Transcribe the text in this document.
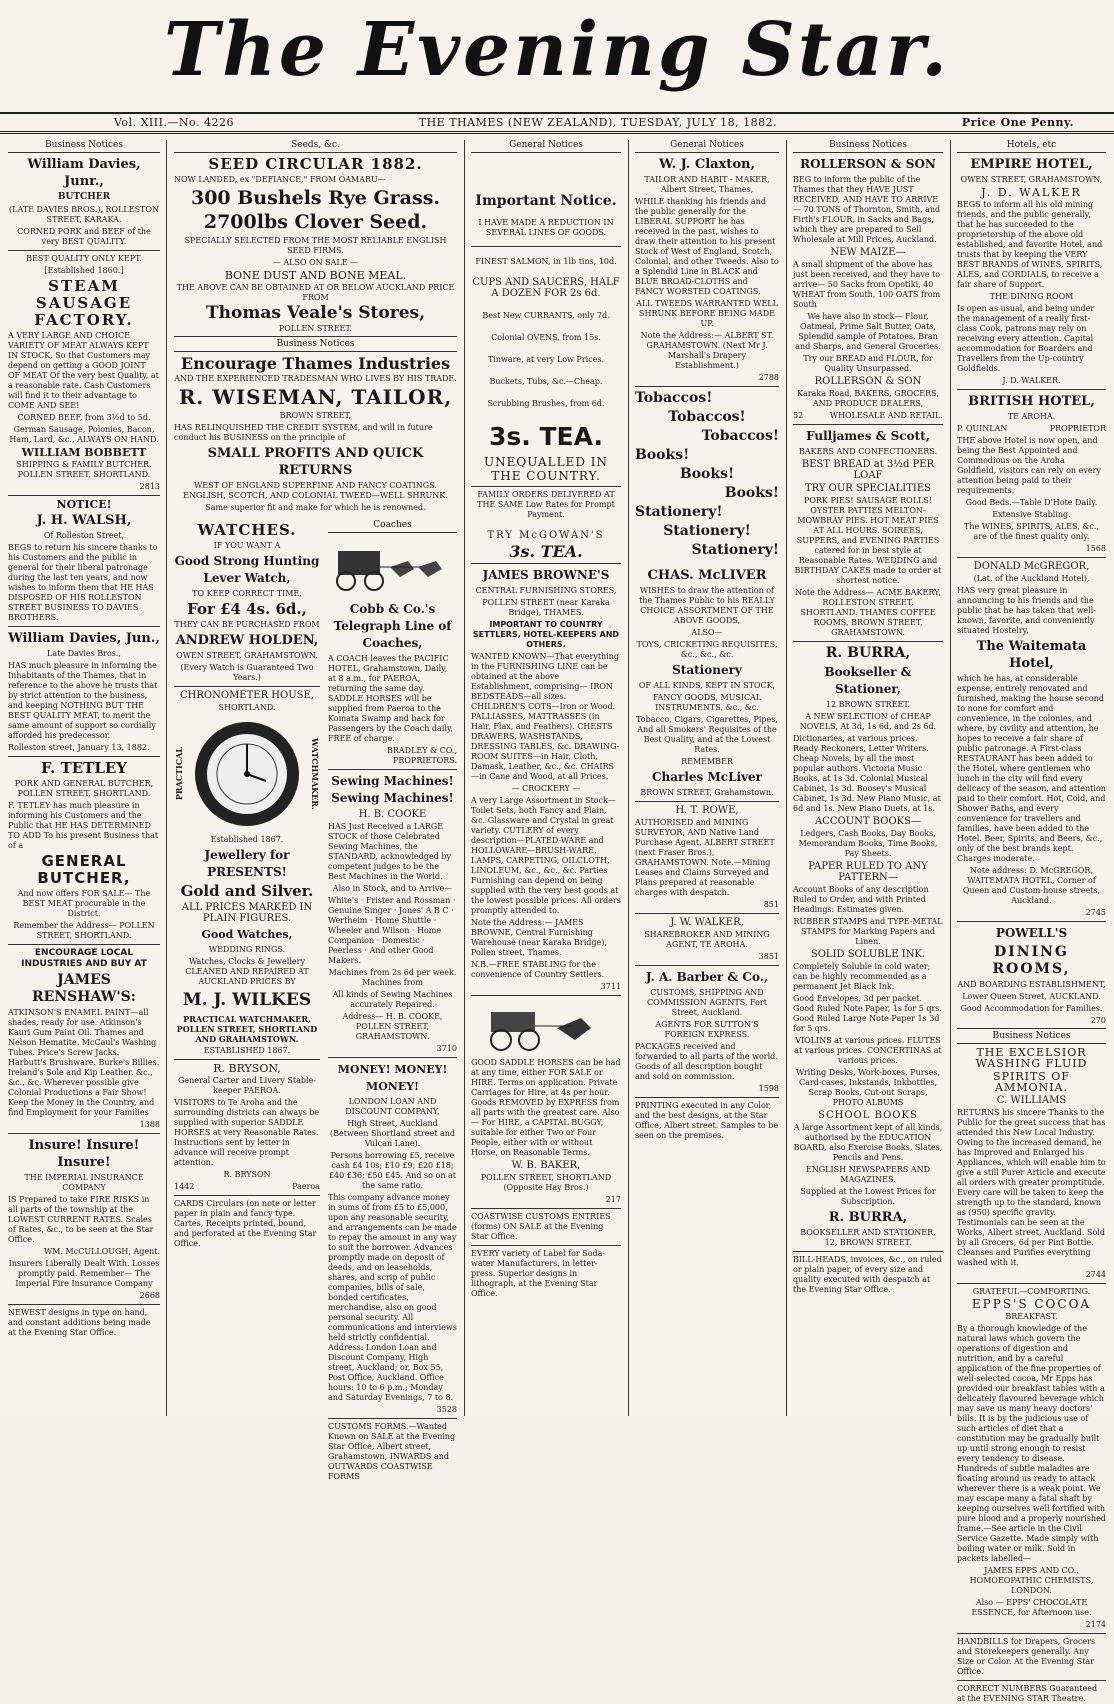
The Evening Star.
Vol. XIII.—No. 4226	THE THAMES (NEW ZEALAND), TUESDAY, JULY 18, 1882.	Price One Penny.
Business Notices
William Davies, Junr.,

BUTCHER

(LATE DAVIES BROS.), ROLLESTON STREET, KARAKA.

CORNED PORK and BEEF of the very BEST QUALITY.

BEST QUALITY ONLY KEPT.

[Established 1860.]

STEAM SAUSAGE FACTORY.

A VERY LARGE AND CHOICE VARIETY OF MEAT ALWAYS KEPT IN STOCK, So that Customers may depend on getting a GOOD JOINT OF MEAT Of the very best Quality, at a reasonable rate. Cash Customers will find it to their advantage to COME AND SEE!

CORNED BEEF, from 3½d to 5d.

German Sausage, Polonies, Bacon, Ham, Lard, &c., ALWAYS ON HAND.

WILLIAM BOBBETT

SHIPPING & FAMILY BUTCHER, POLLEN STREET, SHORTLAND.

2813

NOTICE!

J. H. WALSH,

Of Rolleston Street,

BEGS to return his sincere thanks to his Customers and the public in general for their liberal patronage during the last ten years, and now wishes to inform them that HE HAS DISPOSED OF HIS ROLLESTON STREET BUSINESS TO DAVIES BROTHERS.

William Davies, Jun.,

Late Davies Bros.,

HAS much pleasure in informing the Inhabitants of the Thames, that in reference to the above he trusts that by strict attention to the business, and keeping NOTHING BUT THE BEST QUALITY MEAT, to merit the same amount of support so cordially afforded his predecessor.

Rolleston street, January 13, 1882.

F. TETLEY

PORK AND GENERAL BUTCHER, POLLEN STREET, SHORTLAND.

F. TETLEY has much pleasure in informing his Customers and the Public that HE HAS DETERMINED TO ADD To his present Business that of a

GENERAL BUTCHER,

And now offers FOR SALE— The BEST MEAT procurable in the District.

Remember the Address— POLLEN STREET, SHORTLAND.

ENCOURAGE LOCAL INDUSTRIES AND BUY AT

JAMES RENSHAW'S:

ATKINSON'S ENAMEL PAINT—all shades, ready for use. Atkinson's Kauri Gum Paint Oil. Thames and Nelson Hematite. McCaul's Washing Tubes. Price's Screw Jacks. Harbutt's Brushware. Burke's Billies. Ireland's Sole and Kip Leather. &c., &c., &c. Wherever possible give Colonial Productions a Fair Show! Keep the Money in the Country, and find Employment for your Families

1388

Insure! Insure! Insure!

THE IMPERIAL INSURANCE COMPANY

IS Prepared to take FIRE RISKS in all parts of the township at the LOWEST CURRENT RATES. Scales of Rates, &c., to be seen at the Star Office.

WM. McCULLOUGH, Agent.

Insurers Liberally Dealt With. Losses promptly paid. Remember— The Imperial Fire Insurance Company

2668

NEWEST designs in type on hand, and constant additions being made at the Evening Star Office.

Seeds, &c.
SEED CIRCULAR 1882.

NOW LANDED, ex "DEFIANCE," FROM OAMARU—

300 Bushels Rye Grass.
2700lbs Clover Seed.

SPECIALLY SELECTED FROM THE MOST RELIABLE ENGLISH SEED FIRMS.

— ALSO ON SALE —

BONE DUST AND BONE MEAL.

THE ABOVE CAN BE OBTAINED AT OR BELOW AUCKLAND PRICE FROM

Thomas Veale's Stores,

POLLEN STREET.

Business Notices
Encourage Thames Industries

AND THE EXPERIENCED TRADESMAN WHO LIVES BY HIS TRADE.

R. WISEMAN, TAILOR,

BROWN STREET,

HAS RELINQUISHED THE CREDIT SYSTEM, and will in future conduct his BUSINESS on the principle of

SMALL PROFITS AND QUICK RETURNS

WEST OF ENGLAND SUPERFINE AND FANCY COATINGS. ENGLISH, SCOTCH, AND COLONIAL TWEED—WELL SHRUNK.

Same superior fit and make for which he is renowned.

WATCHES.

IF YOU WANT A

Good Strong Hunting Lever Watch,

TO KEEP CORRECT TIME,

For £4 4s. 6d.,

THEY CAN BE PURCHASED FROM

ANDREW HOLDEN,

OWEN STREET, GRAHAMSTOWN.

(Every Watch is Guaranteed Two Years.)

CHRONOMETER HOUSE,

SHORTLAND.

PRACTICAL	WATCHMAKER.

Established 1867.

Jewellery for PRESENTS!
Gold and Silver.

ALL PRICES MARKED IN PLAIN FIGURES.

Good Watches,

WEDDING RINGS.

Watches, Clocks & Jewellery CLEANED AND REPAIRED AT AUCKLAND PRICES BY

M. J. WILKES

PRACTICAL WATCHMAKER, POLLEN STREET, SHORTLAND AND GRAHAMSTOWN.

ESTABLISHED 1867.

R. BRYSON,

General Carter and Livery Stable-keeper PAEROA.

VISITORS to Te Aroha and the surrounding districts can always be supplied with superior SADDLE HORSES at very Reasonable Rates. Instructions sent by letter in advance will receive prompt attention.

R. BRYSON

1442	Paeroa

CARDS Circulars (on note or letter paper in plain and fancy type. Cartes, Receipts printed, bound, and perforated at the Evening Star Office.

Coaches
Cobb & Co.'s Telegraph Line of Coaches,

A COACH leaves the PACIFIC HOTEL, Grahamstown, Daily, at 8 a.m., for PAEROA, returning the same day. SADDLE HORSES will be supplied from Paeroa to the Komata Swamp and back for Passengers by the Coach daily, FREE of charge.

BRADLEY & CO., PROPRIETORS.

Sewing Machines! Sewing Machines!

H. B. COOKE

HAS Just Received a LARGE STOCK of those Celebrated Sewing Machines, the STANDARD, acknowledged by competent judges to be the Best Machines in the World.

Also in Stock, and to Arrive—

White's · Frister and Rossman · Genuine Singer · Jones' A B C · Wertheim · Home Shuttle · Wheeler and Wilson · Home Companion · Domestic · Peerless · And other Good Makers.

Machines from 2s 6d per week. Machines from

All kinds of Sewing Machines accurately Repaired.

Address— H. B. COOKE, POLLEN STREET, GRAHAMSTOWN.

3710

MONEY! MONEY! MONEY!

LONDON LOAN AND DISCOUNT COMPANY,

High Street, Auckland (Between Shortland street and Vulcan Lane).

Persons borrowing £5, receive cash £4 10s; £10 £9; £20 £18; £40 £36; £50 £45. And so on at the same ratio.

This company advance money in sums of from £5 to £5,000, upon any reasonable security, and arrangements can be made to repay the amount in any way to suit the borrower. Advances promptly made on deposit of deeds, and on leaseholds, shares, and scrip of public companies, bills of sale, bonded certificates, merchandise, also on good personal security. All communications and interviews held strictly confidential. Address: London Loan and Discount Company, High street, Auckland; or, Box 55, Post Office, Auckland. Office hours: 10 to 6 p.m.; Monday and Saturday Evenings, 7 to 8.

3528

CUSTOMS FORMS.—Wanted Known on SALE at the Evening Star Office, Albert street, Grahamstown, INWARDS and OUTWARDS COASTWISE FORMS

General Notices
Important Notice.

I HAVE MADE A REDUCTION IN SEVERAL LINES OF GOODS.

FINEST SALMON, in 1lb tins, 10d.

CUPS AND SAUCERS, HALF A DOZEN FOR 2s 6d.

Best New CURRANTS, only 7d.

Colonial OVENS, from 15s.

Tinware, at very Low Prices.

Buckets, Tubs, &c.—Cheap.

Scrubbing Brushes, from 6d.

3s. TEA.

UNEQUALLED IN THE COUNTRY.

FAMILY ORDERS DELIVERED AT THE SAME Low Rates for Prompt Payment.

TRY McGOWAN'S

3s. TEA.
JAMES BROWNE'S

CENTRAL FURNISHING STORES,

POLLEN STREET (near Karaka Bridge), THAMES.

IMPORTANT TO COUNTRY SETTLERS, HOTEL-KEEPERS AND OTHERS.

WANTED KNOWN—That everything in the FURNISHING LINE can be obtained at the above Establishment, comprising— IRON BEDSTEADS—all sizes. CHILDREN'S COTS—Iron or Wood. PALLIASSES, MATTRASSES (in Hair, Flax, and Feathers). CHESTS DRAWERS, WASHSTANDS, DRESSING TABLES, &c. DRAWING-ROOM SUITES—in Hair, Cloth, Damask, Leather, &c., &c. CHAIRS—in Cane and Wood, at all Prices.

— CROCKERY —

A very Large Assortment in Stock—Toilet Sets, both Fancy and Plain, &c. Glassware and Crystal in great variety. CUTLERY of every description—PLATED-WARE and HOLLOWARE—BRUSH-WARE, LAMPS, CARPETING, OILCLOTH, LINOLEUM, &c., &c., &c. Parties Furnishing can depend on being supplied with the very best goods at the lowest possible prices. All orders promptly attended to.

Note the Address:— JAMES BROWNE, Central Furnishing Warehouse (near Karaka Bridge), Pollen street, Thames.

N.B.—FREE STABLING for the convenience of Country Settlers.

3711

GOOD SADDLE HORSES can be had at any time, either FOR SALE or HIRE. Terms on application. Private Carriages for Hire, at 4s per hour. Goods REMOVED by EXPRESS from all parts with the greatest care. Also— For HIRE, a CAPITAL BUGGY, suitable for either Two or Four People, either with or without Horse, on Reasonable Terms.

W. B. BAKER,

POLLEN STREET, SHORTLAND (Opposite Hay Bros.)

217

COASTWISE CUSTOMS ENTRIES (forms) ON SALE at the Evening Star Office.

EVERY variety of Label for Soda-water Manufacturers, in letter-press. Superior designs in lithograph, at the Evening Star Office.

General Notices
W. J. Claxton,

TAILOR AND HABIT - MAKER, Albert Street, Thames,

WHILE thanking his friends and the public generally for the LIBERAL SUPPORT he has received in the past, wishes to draw their attention to his present Stock of West of England, Scotch, Colonial, and other Tweeds. Also to a Splendid Line in BLACK and BLUE BROAD-CLOTHS and FANCY WORSTED COATINGS.

ALL TWEEDS WARRANTED WELL SHRUNK BEFORE BEING MADE UP.

Note the Address:— ALBERT ST. GRAHAMSTOWN. (Next Mr J. Marshall's Drapery Establishment.)

2788

Tobaccos!
Tobaccos!
Tobaccos!
Books!
Books!
Books!
Stationery!
Stationery!
Stationery!
CHAS. McLIVER

WISHES to draw the attention of the Thames Public to his REALLY CHOICE ASSORTMENT OF THE ABOVE GOODS,

ALSO—

TOYS, CRICKETING REQUISITES, &c., &c., &c.

Stationery

OF ALL KINDS, KEPT IN STOCK,

FANCY GOODS, MUSICAL INSTRUMENTS, &c., &c.

Tobacco, Cigars, Cigarettes, Pipes, And all Smokers' Requisites of the Best Quality, and at the Lowest Rates.

REMEMBER

Charles McLiver

BROWN STREET, Grahamstown.

H. T. ROWE,

AUTHORISED and MINING SURVEYOR, AND Native Land Purchase Agent, ALBERT STREET (next Fraser Bros.), GRAHAMSTOWN. Note.—Mining Leases and Claims Surveyed and Plans prepared at reasonable charges with despatch.

851

J. W. WALKER,

SHAREBROKER AND MINING AGENT, TE AROHA.

3851

J. A. Barber & Co.,

CUSTOMS, SHIPPING AND COMMISSION AGENTS, Fort Street, Auckland.

AGENTS FOR SUTTON'S FOREIGN EXPRESS.

PACKAGES received and forwarded to all parts of the world. Goods of all description bought and sold on commission.

1598

PRINTING executed in any Color, and the best designs, at the Star Office, Albert street. Samples to be seen on the premises.

Business Notices
ROLLERSON & SON

BEG to inform the public of the Thames that they HAVE JUST RECEIVED, AND HAVE TO ARRIVE— 70 TONS of Thornton, Smith, and Firth's FLOUR, in Sacks and Bags, which they are prepared to Sell Wholesale at Mill Prices, Auckland.

NEW MAIZE—

A small shipment of the above has just been received, and they have to arrive— 50 Sacks from Opotiki, 40 WHEAT from South, 100 OATS from South

We have also in stock— Flour, Oatmeal, Prime Salt Butter, Oats, Splendid sample of Potatoes, Bran and Sharps, and General Groceries.

Try our BREAD and FLOUR, for Quality Unsurpassed.

ROLLERSON & SON

Karaka Road, BAKERS, GROCERS, AND PRODUCE DEALERS,

52	WHOLESALE AND RETAIL.
Fulljames & Scott,

BAKERS AND CONFECTIONERS.

BEST BREAD at 3½d PER LOAF

TRY OUR SPECIALITIES

PORK PIES! SAUSAGE ROLLS! OYSTER PATTIES MELTON-MOWBRAY PIES. HOT MEAT PIES AT ALL HOURS. SOIREES, SUPPERS, and EVENING PARTIES catered for in best style at Reasonable Rates. WEDDING and BIRTHDAY CAKES made to order at shortest notice.

Note the Address— ACME BAKERY, ROLLESTON STREET, SHORTLAND. THAMES COFFEE ROOMS, BROWN STREET, GRAHAMSTOWN.

R. BURRA,
Bookseller & Stationer,

12 BROWN STREET.

A NEW SELECTION of CHEAP NOVELS, At 3d, 1s 6d, and 2s 6d.

Dictionaries, at various prices. Ready Reckoners, Letter Writers. Cheap Novels, by all the most popular authors. Victoria Music Books, at 1s 3d. Colonial Musical Cabinet, 1s 3d. Boosey's Musical Cabinet, 1s 3d. New Piano Music, at 6d and 1s. New Piano Duets, at 1s.

ACCOUNT BOOKS—

Ledgers, Cash Books, Day Books, Memorandum Books, Time Books, Pay Sheets.

PAPER RULED TO ANY PATTERN—

Account Books of any description Ruled to Order, and with Printed Headings: Estimates given.

RUBBER STAMPS and TYPE-METAL STAMPS for Marking Papers and Linen.

SOLID SOLUBLE INK.

Completely Soluble in cold water; can be highly recommended as a permanent Jet Black Ink.

Good Envelopes, 3d per packet. Good Ruled Note Paper, 1s for 5 qrs. Good Ruled Large Note Paper 1s 3d for 5 qrs.

VIOLINS at various prices. FLUTES at various prices. CONCERTINAS at various prices.

Writing Desks, Work-boxes, Purses, Card-cases, Inkstands, Inkbottles, Scrap Books, Cut-out Scraps, PHOTO ALBUMS

SCHOOL BOOKS

A large Assortment kept of all kinds, authorised by the EDUCATION BOARD, also Exercise Books, Slates, Pencils and Pens.

ENGLISH NEWSPAPERS AND MAGAZINES.

Supplied at the Lowest Prices for Subscription.

R. BURRA,

BOOKSELLER AND STATIONER, 12, BROWN STREET.

BILL-HEADS, invoices, &c., on ruled or plain paper, of every size and quality executed with despatch at the Evening Star Office.

Hotels, etc
EMPIRE HOTEL,

OWEN STREET, GRAHAMSTOWN,

J. D. WALKER

BEGS to inform all his old mining friends, and the public generally, that he has succeeded to the proprietorship of the above old established, and favorite Hotel, and trusts that by keeping the VERY BEST BRANDS of WINES, SPIRITS, ALES, and CORDIALS, to receive a fair share of Support.

THE DINING ROOM

Is open as usual, and being under the management of a really first-class Cook, patrons may rely on receiving every attention. Capital accommodation for Boarders and Travellers from the Up-country Goldfields.

J. D. WALKER.

BRITISH HOTEL,

TE AROHA.

P. QUINLAN	PROPRIETOR

THE above Hotel is now open, and being the Best Appointed and Commodious on the Aroha Goldfield, visitors can rely on every attention being paid to their requirements.

Good Beds.—Table D'Hote Daily.

Extensive Stabling.

The WINES, SPIRITS, ALES, &c., are of the finest quality only.

1568

DONALD McGREGOR,

(Lat. of the Auckland Hotel),

HAS very great pleasure in announcing to his friends and the public that he has taken that well-known, favorite, and conveniently situated Hostelry,

The Waitemata Hotel,

which he has, at considerable expense, entirely renovated and furnished, making the house second to none for comfort and convenience, in the colonies, and where, by civility and attention, he hopes to receive a fair share of public patronage. A First-class RESTAURANT has been added to the Hotel, where gentlemen who lunch in the city will find every delicacy of the season, and attention paid to their comfort. Hot, Cold, and Shower Baths, and every convenience for travellers and families, have been added to the Hotel. Beer, Spirits, and Beers, &c., only of the best brands kept. Charges moderate.

Note address: D. McGREGOR, WAITEMATA HOTEL, Corner of Queen and Custom-house streets, Auckland.

2745

POWELL'S
DINING ROOMS,

AND BOARDING ESTABLISHMENT,

Lower Queen Street, AUCKLAND.

Good Accommodation for Families.

270

Business Notices

THE EXCELSIOR WASHING FLUID

SPIRITS OF AMMONIA.

C. WILLIAMS

RETURNS his sincere Thanks to the Public for the great success that has attended this New Local Industry. Owing to the increased demand, he has Improved and Enlarged his Appliances, which will enable him to give a still Purer Article and execute all orders with greater promptitude. Every care will be taken to keep the strength up to the standard, known as (950) specific gravity. Testimonials can be seen at the Works, Albert street, Auckland. Sold by all Grocers, 6d per Pint Bottle. Cleanses and Purifies everything washed with it.

2744

GRATEFUL—COMFORTING.

EPPS'S COCOA

BREAKFAST.

By a thorough knowledge of the natural laws which govern the operations of digestion and nutrition, and by a careful application of the fine properties of well-selected cocoa, Mr Epps has provided our breakfast tables with a delicately flavoured beverage which may save us many heavy doctors' bills. It is by the judicious use of such articles of diet that a constitution may be gradually built up until strong enough to resist every tendency to disease. Hundreds of subtle maladies are floating around us ready to attack wherever there is a weak point. We may escape many a fatal shaft by keeping ourselves well fortified with pure blood and a properly nourished frame.—See article in the Civil Service Gazette. Made simply with boiling water or milk. Sold in packets labelled—

JAMES EPPS AND CO., HOMOEOPATHIC CHEMISTS, LONDON.

Also — EPPS' CHOCOLATE ESSENCE, for Afternoon use.

2174

HANDBILLS for Drapers, Grocers and Storekeepers generally. Any Size or Color. At the Evening Star Office.

CORRECT NUMBERS Guaranteed at the EVENING STAR Theatre.
